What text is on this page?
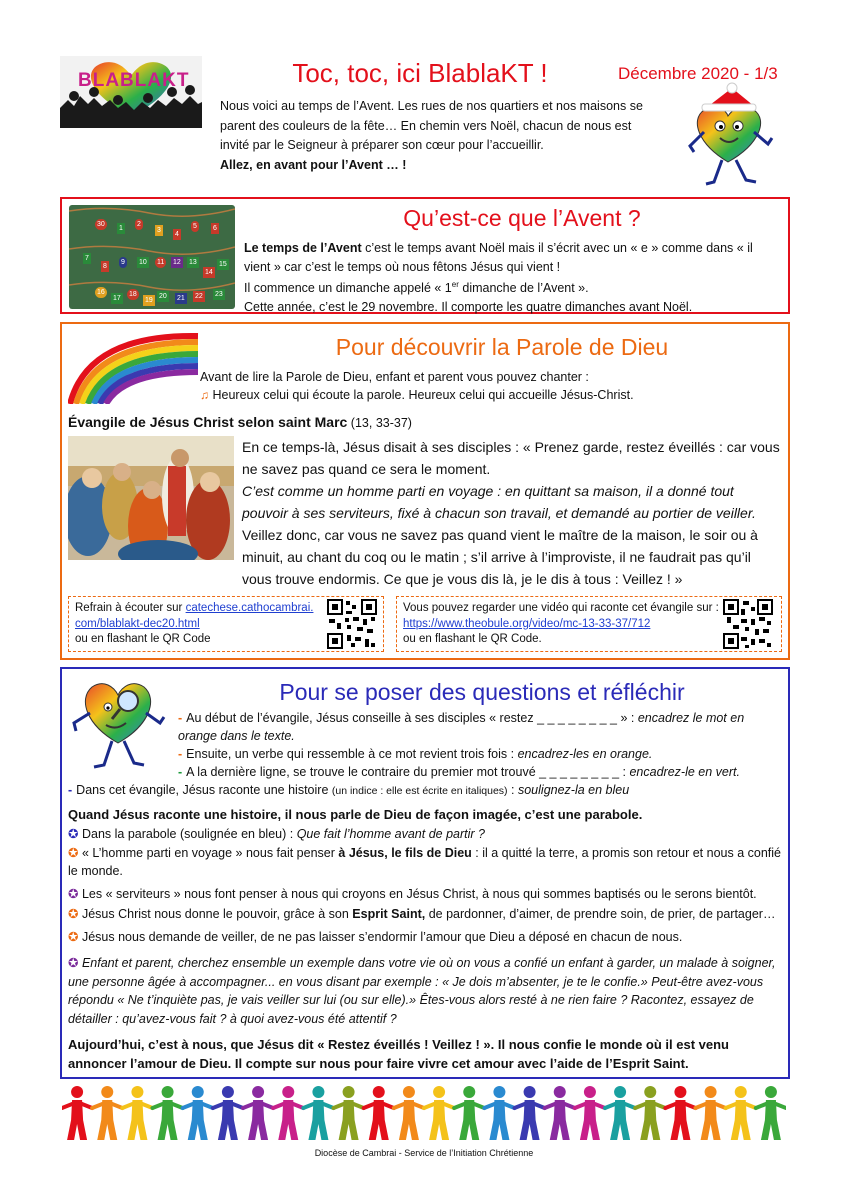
BLABLAKT	Toc, toc, ici BlablaKT !	Décembre 2020 - 1/3
Nous voici au temps de l’Avent. Les rues de nos quartiers et nos maisons se parent des couleurs de la fête… En chemin vers Noël, chacun de nous est invité par le Seigneur à préparer son cœur pour l’accueillir.
Allez, en avant pour l’Avent … !
30
1
2
3
4
5 6
7
8
9 10 11 12 13
14
15
16
17
18
19
20 21 22 23
Qu’est-ce que l’Avent ?
Le temps de l’Avent c’est le temps avant Noël mais il s’écrit avec un « e » comme dans « il vient » car c’est le temps où nous fêtons Jésus qui vient !
Il commence un dimanche appelé « 1er dimanche de l’Avent ».
Cette année, c’est le 29 novembre. Il comporte les quatre dimanches avant Noël.
Pour découvrir la Parole de Dieu
Avant de lire la Parole de Dieu, enfant et parent vous pouvez chanter :
♫ Heureux celui qui écoute la parole. Heureux celui qui accueille Jésus-Christ.
Évangile de Jésus Christ selon saint Marc (13, 33-37)
En ce temps-là, Jésus disait à ses disciples : « Prenez garde, restez éveillés : car vous ne savez pas quand ce sera le moment.
C’est comme un homme parti en voyage : en quittant sa maison, il a donné tout pouvoir à ses serviteurs, fixé à chacun son travail, et demandé au portier de veiller.
Veillez donc, car vous ne savez pas quand vient le maître de la maison, le soir ou à minuit, au chant du coq ou le matin ; s’il arrive à l’improviste, il ne faudrait pas qu’il vous trouve endormis. Ce que je vous dis là, je le dis à tous : Veillez ! »
Refrain à écouter sur catechese.cathocambrai.
com/blablakt-dec20.html
ou en flashant le QR Code
Vous pouvez regarder une vidéo qui raconte cet évangile sur :
https://www.theobule.org/video/mc-13-33-37/712
ou en flashant le QR Code.
Pour se poser des questions et réfléchir
- Au début de l’évangile, Jésus conseille à ses disciples « restez _ _ _ _ _ _ _ _ » : encadrez le mot en orange dans le texte.
- Ensuite, un verbe qui ressemble à ce mot revient trois fois : encadrez-les en orange.
- A la dernière ligne, se trouve le contraire du premier mot trouvé _ _ _ _ _ _ _ _ : encadrez-le en vert.
- Dans cet évangile, Jésus raconte une histoire (un indice : elle est écrite en italiques) : soulignez-la en bleu
Quand Jésus raconte une histoire, il nous parle de Dieu de façon imagée, c’est une parabole.

✪ Dans la parabole (soulignée en bleu) : Que fait l’homme avant de partir ?

✪ « L’homme parti en voyage » nous fait penser à Jésus, le fils de Dieu : il a quitté la terre, a promis son retour et nous a confié le monde.

✪ Les « serviteurs » nous font penser à nous qui croyons en Jésus Christ, à nous qui sommes baptisés ou le serons bientôt.

✪ Jésus Christ nous donne le pouvoir, grâce à son Esprit Saint, de pardonner, d’aimer, de prendre soin, de prier, de partager…

✪ Jésus nous demande de veiller, de ne pas laisser s’endormir l’amour que Dieu a déposé en chacun de nous.

✪ Enfant et parent, cherchez ensemble un exemple dans votre vie où on vous a confié un enfant à garder, un malade à soigner, une personne âgée à accompagner... en vous disant par exemple : « Je dois m’absenter, je te le confie.» Peut-être avez-vous répondu « Ne t’inquiète pas, je vais veiller sur lui (ou sur elle).» Êtes-vous alors resté à ne rien faire ? Racontez, essayez de détailler : qu’avez-vous fait ? à quoi avez-vous été attentif ?

Aujourd’hui, c’est à nous, que Jésus dit « Restez éveillés ! Veillez ! ». Il nous confie le monde où il est venu annoncer l’amour de Dieu. Il compte sur nous pour faire vivre cet amour avec l’aide de l’Esprit Saint.

Diocèse de Cambrai - Service de l’Initiation Chrétienne
